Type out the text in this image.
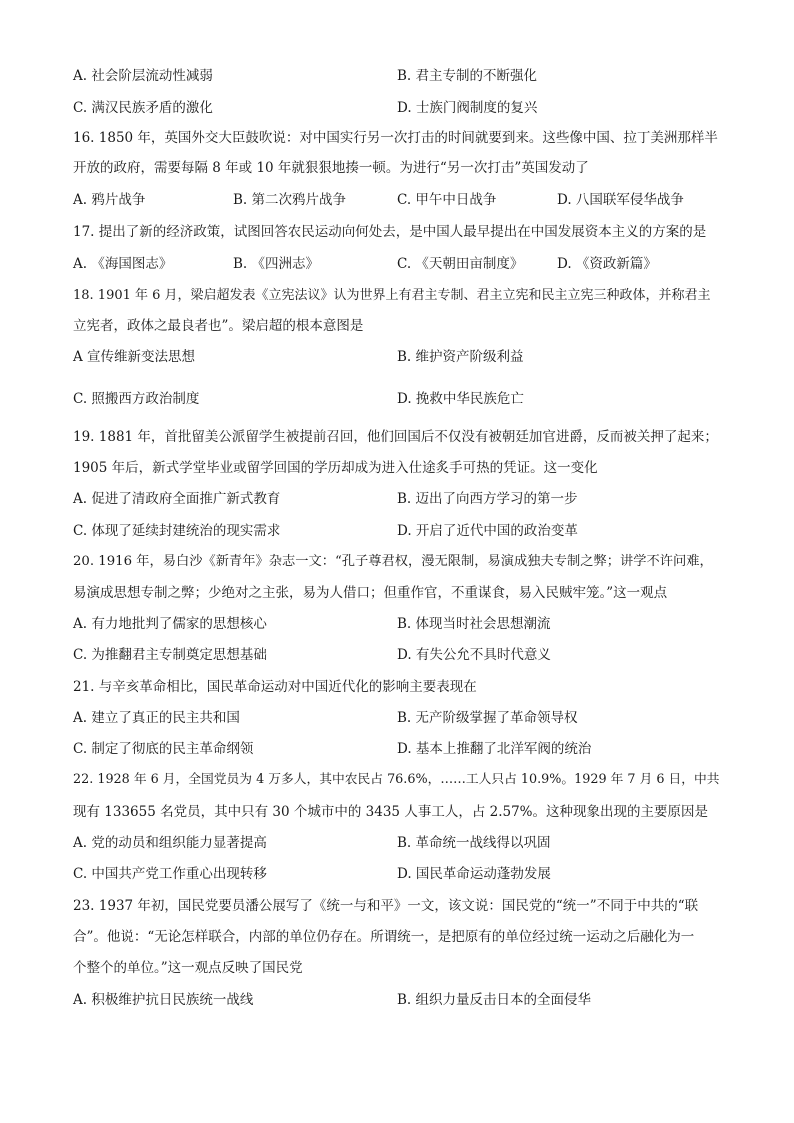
A. 社会阶层流动性减弱	B. 君主专制的不断强化
C. 满汉民族矛盾的激化	D. 士族门阀制度的复兴
16. 1850 年，英国外交大臣鼓吹说：对中国实行另一次打击的时间就要到来。这些像中国、拉丁美洲那样半
开放的政府，需要每隔 8 年或 10 年就狠狠地揍一顿。为进行“另一次打击”英国发动了
A. 鸦片战争	B. 第二次鸦片战争	C. 甲午中日战争	D. 八国联军侵华战争
17. 提出了新的经济政策，试图回答农民运动向何处去，是中国人最早提出在中国发展资本主义的方案的是
A. 《海国图志》	B. 《四洲志》	C. 《天朝田亩制度》 D. 《资政新篇》
18. 1901 年 6 月，梁启超发表《立宪法议》认为世界上有君主专制、君主立宪和民主立宪三种政体，并称君主
立宪者，政体之最良者也”。梁启超的根本意图是
A 宣传维新变法思想	B. 维护资产阶级利益
C. 照搬西方政治制度	D. 挽救中华民族危亡
19. 1881 年，首批留美公派留学生被提前召回，他们回国后不仅没有被朝廷加官进爵，反而被关押了起来；
1905 年后，新式学堂毕业或留学回国的学历却成为进入仕途炙手可热的凭证。这一变化
A. 促进了清政府全面推广新式教育	B. 迈出了向西方学习的第一步
C. 体现了延续封建统治的现实需求	D. 开启了近代中国的政治变革
20. 1916 年，易白沙《新青年》杂志一文：“孔子尊君权，漫无限制，易演成独夫专制之弊；讲学不许问难，
易演成思想专制之弊；少绝对之主张，易为人借口；但重作官，不重谋食，易入民贼牢笼。”这一观点
A. 有力地批判了儒家的思想核心	B. 体现当时社会思想潮流
C. 为推翻君主专制奠定思想基础	D. 有失公允不具时代意义
21. 与辛亥革命相比，国民革命运动对中国近代化的影响主要表现在
A. 建立了真正的民主共和国	B. 无产阶级掌握了革命领导权
C. 制定了彻底的民主革命纲领	D. 基本上推翻了北洋军阀的统治
22. 1928 年 6 月，全国党员为 4 万多人，其中农民占 76.6%，……工人只占 10.9%。1929 年 7 月 6 日，中共
现有 133655 名党员，其中只有 30 个城市中的 3435 人事工人，占 2.57%。这种现象出现的主要原因是
A. 党的动员和组织能力显著提高	B. 革命统一战线得以巩固
C. 中国共产党工作重心出现转移	D. 国民革命运动蓬勃发展
23. 1937 年初，国民党要员潘公展写了《统一与和平》一文，该文说：国民党的“统一”不同于中共的“联
合”。他说：“无论怎样联合，内部的单位仍存在。所谓统一，是把原有的单位经过统一运动之后融化为一
个整个的单位。”这一观点反映了国民党
A. 积极维护抗日民族统一战线	B. 组织力量反击日本的全面侵华
